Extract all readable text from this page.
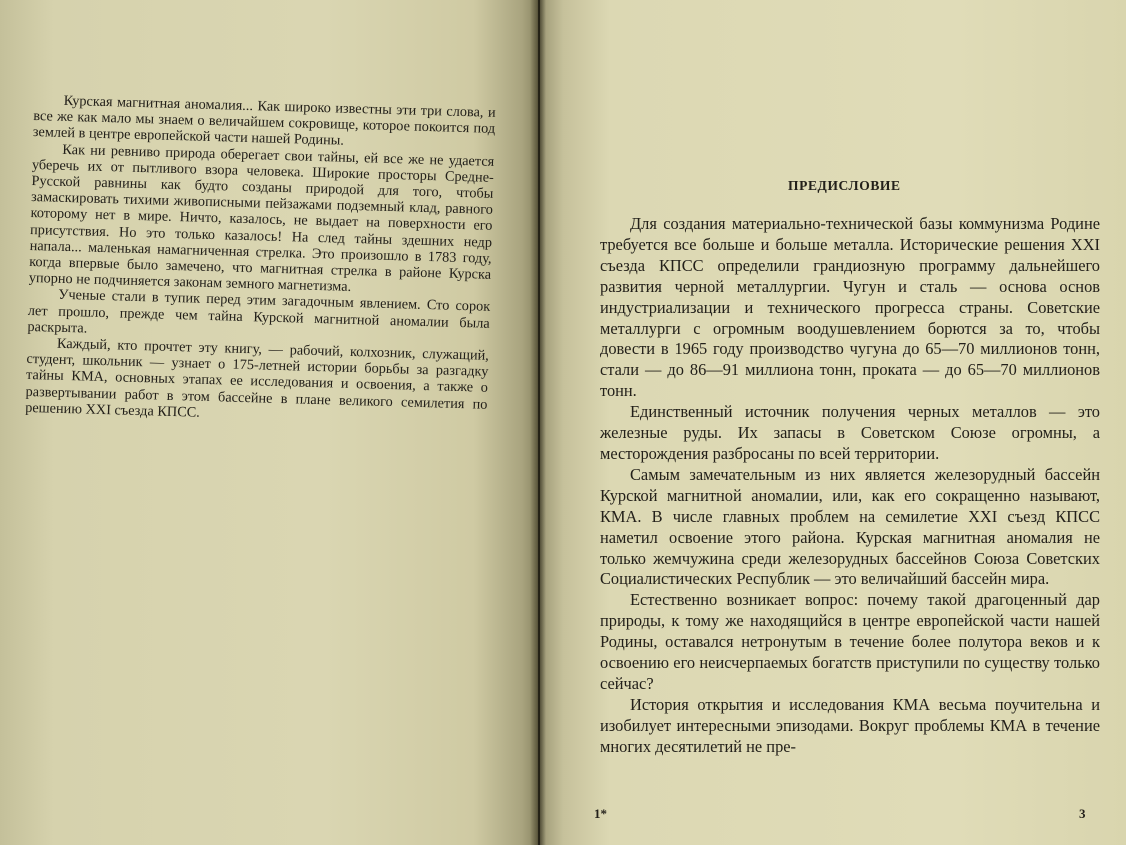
Курская магнитная аномалия... Как широко известны эти три слова, и все же как мало мы знаем о величайшем сокровище, которое покоится под землей в центре европейской части нашей Родины.

Как ни ревниво природа оберегает свои тайны, ей все же не удается уберечь их от пытливого взора человека. Широкие просторы Средне-Русской равнины как будто созданы природой для того, чтобы замаскировать тихими живописными пейзажами подземный клад, равного которому нет в мире. Ничто, казалось, не выдает на поверхности его присутствия. Но это только казалось! На след тайны здешних недр напала... маленькая намагниченная стрелка. Это произошло в 1783 году, когда впервые было замечено, что магнитная стрелка в районе Курска упорно не подчиняется законам земного магнетизма.

Ученые стали в тупик перед этим загадочным явлением. Сто сорок лет прошло, прежде чем тайна Курской магнитной аномалии была раскрыта.

Каждый, кто прочтет эту книгу, — рабочий, колхозник, служащий, студент, школьник — узнает о 175-летней истории борьбы за разгадку тайны КМА, основных этапах ее исследования и освоения, а также о развертывании работ в этом бассейне в плане великого семилетия по решению XXI съезда КПСС.

ПРЕДИСЛОВИЕ

Для создания материально-технической базы коммунизма Родине требуется все больше и больше металла. Исторические решения XXI съезда КПСС определили грандиозную программу дальнейшего развития черной металлургии. Чугун и сталь — основа основ индустриализации и технического прогресса страны. Советские металлурги с огромным воодушевлением борются за то, чтобы довести в 1965 году производство чугуна до 65—70 миллионов тонн, стали — до 86—91 миллиона тонн, проката — до 65—70 миллионов тонн.

Единственный источник получения черных металлов — это железные руды. Их запасы в Советском Союзе огромны, а месторождения разбросаны по всей территории.

Самым замечательным из них является железорудный бассейн Курской магнитной аномалии, или, как его сокращенно называют, КМА. В числе главных проблем на семилетие XXI съезд КПСС наметил освоение этого района. Курская магнитная аномалия не только жемчужина среди железорудных бассейнов Союза Советских Социалистических Республик — это величайший бассейн мира.

Естественно возникает вопрос: почему такой драгоценный дар природы, к тому же находящийся в центре европейской части нашей Родины, оставался нетронутым в течение более полутора веков и к освоению его неисчерпаемых богатств приступили по существу только сейчас?

История открытия и исследования КМА весьма поучительна и изобилует интересными эпизодами. Вокруг проблемы КМА в течение многих десятилетий не пре-

1*	3
